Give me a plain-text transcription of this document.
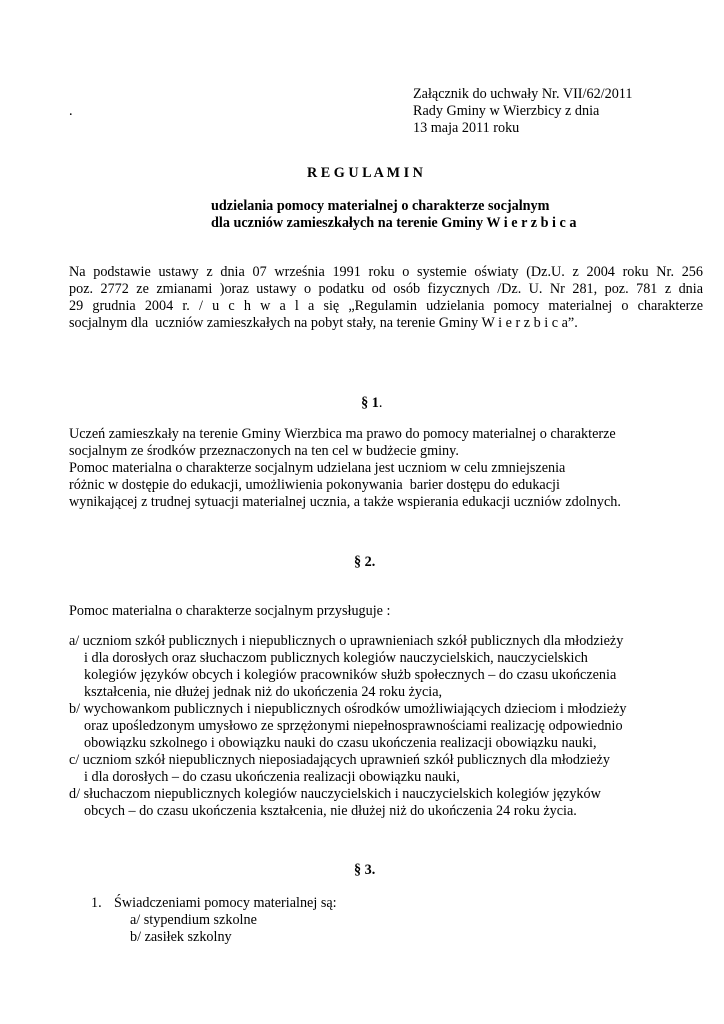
.
Załącznik do uchwały Nr. VII/62/2011
Rady Gminy w Wierzbicy z dnia
13 maja 2011 roku
R E G U L A M I N
udzielania pomocy materialnej o charakterze socjalnym
dla uczniów zamieszkałych na terenie Gminy W i e r z b i c a
Na podstawie ustawy z dnia 07 września 1991 roku o systemie oświaty (Dz.U. z 2004 roku Nr. 256
poz. 2772 ze zmianami )oraz ustawy o podatku od osób fizycznych /Dz. U. Nr 281, poz. 781 z dnia
29 grudnia 2004 r. / u c h w a l a się „Regulamin udzielania pomocy materialnej o charakterze
socjalnym dla  uczniów zamieszkałych na pobyt stały, na terenie Gminy W i e r z b i c a”.

§ 1.

Uczeń zamieszkały na terenie Gminy Wierzbica ma prawo do pomocy materialnej o charakterze
socjalnym ze środków przeznaczonych na ten cel w budżecie gminy.
Pomoc materialna o charakterze socjalnym udzielana jest uczniom w celu zmniejszenia
różnic w dostępie do edukacji, umożliwienia pokonywania  barier dostępu do edukacji
wynikającej z trudnej sytuacji materialnej ucznia, a także wspierania edukacji uczniów zdolnych.
§ 2.
Pomoc materialna o charakterze socjalnym przysługuje :
a/ uczniom szkół publicznych i niepublicznych o uprawnieniach szkół publicznych dla młodzieży
i dla dorosłych oraz słuchaczom publicznych kolegiów nauczycielskich, nauczycielskich
kolegiów języków obcych i kolegiów pracowników służb społecznych – do czasu ukończenia
kształcenia, nie dłużej jednak niż do ukończenia 24 roku życia,
b/ wychowankom publicznych i niepublicznych ośrodków umożliwiających dzieciom i młodzieży
oraz upośledzonym umysłowo ze sprzężonymi niepełnosprawnościami realizację odpowiednio
obowiązku szkolnego i obowiązku nauki do czasu ukończenia realizacji obowiązku nauki,
c/ uczniom szkół niepublicznych nieposiadających uprawnień szkół publicznych dla młodzieży
i dla dorosłych – do czasu ukończenia realizacji obowiązku nauki,
d/ słuchaczom niepublicznych kolegiów nauczycielskich i nauczycielskich kolegiów języków
obcych – do czasu ukończenia kształcenia, nie dłużej niż do ukończenia 24 roku życia.
§ 3.
1. Świadczeniami pomocy materialnej są:
a/ stypendium szkolne
b/ zasiłek szkolny
